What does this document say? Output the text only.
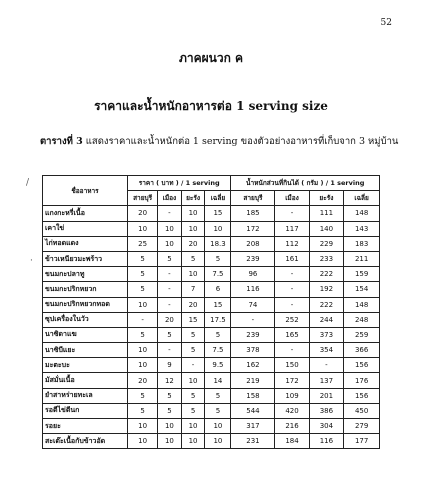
52
ภาคผนวก ค
ราคาและน้ำหนักอาหารต่อ 1 serving size
ตารางที่ 3 แสดงราคาและน้ำหนักต่อ 1 serving ของตัวอย่างอาหารที่เก็บจาก 3 หมู่บ้าน
/
·
ชื่ออาหาร	ราคา ( บาท ) / 1 serving				น้ำหนักส่วนที่กินได้ ( กรัม ) / 1 serving			
	สายบุรี	เมือง	ยะรัง	เฉลี่ย	สายบุรี	เมือง	ยะรัง	เฉลี่ย
แกงกะหรี่เนื้อ	20	-	10	15	185	-	111	148
เคาใข่	10	10	10	10	172	117	140	143
ไก่ทอดแดง	25	10	20	18.3	208	112	229	183
ข้าวเหนียวมะพร้าว	5	5	5	5	239	161	233	211
ขนมกะปลาทู	5	-	10	7.5	96	-	222	159
ขนมกะปริกหยวก	5	-	7	6	116	-	192	154
ขนมกะปริกหยวกทอด	10	-	20	15	74	-	222	148
ซุปเครื่องในวัว	-	20	15	17.5	-	252	244	248
นาซิดาแฆ	5	5	5	5	239	165	373	259
นาซิบีแยะ	10	-	5	7.5	378	-	354	366
มะตะบะ	10	9	-	9.5	162	150	-	156
มัสมั่นเนื้อ	20	12	10	14	219	172	137	176
ยำสาหร่ายทะเล	5	5	5	5	158	109	201	156
รอตีไข่ตีนก	5	5	5	5	544	420	386	450
รอยะ	10	10	10	10	317	216	304	279
สะเต๊ะเนื้อกับข้าวอัด	10	10	10	10	231	184	116	177
